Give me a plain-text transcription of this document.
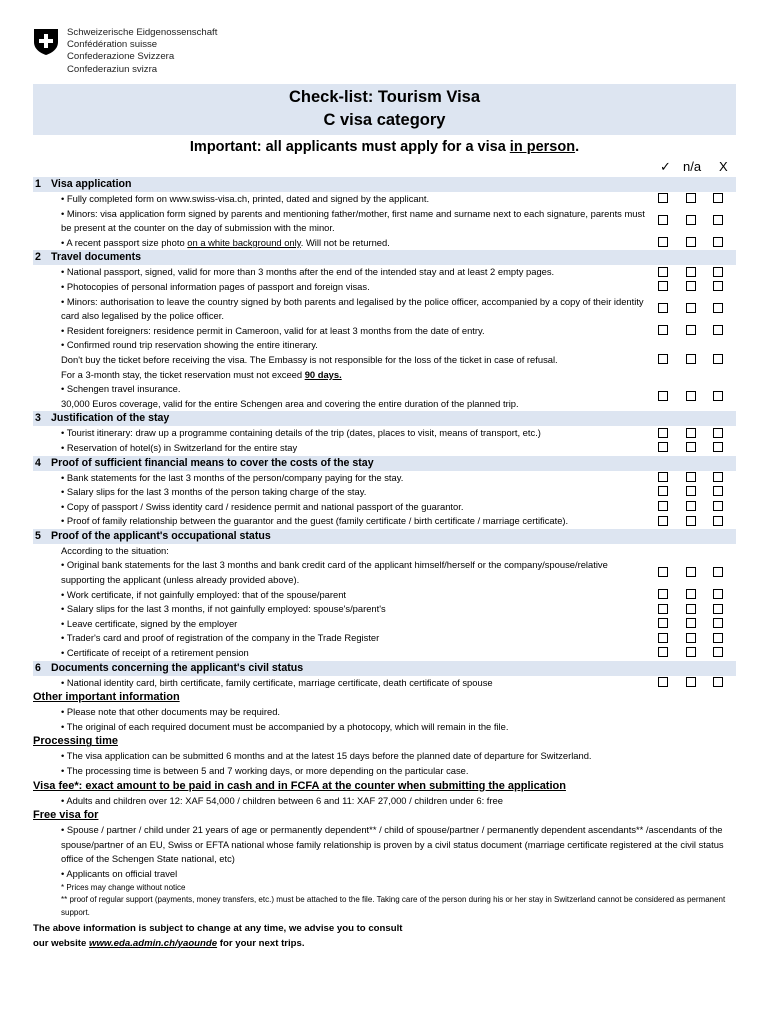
Schweizerische Eidgenossenschaft
Confédération suisse
Confederazione Svizzera
Confederaziun svizra
Check-list: Tourism Visa
C visa category
Important: all applicants must apply for a visa in person.
✓ n/a X
1 Visa application
• Fully completed form on www.swiss-visa.ch, printed, dated and signed by the applicant.
• Minors: visa application form signed by parents and mentioning father/mother, first name and surname next to each signature, parents must be present at the counter on the day of submission with the minor.
• A recent passport size photo on a white background only. Will not be returned.
2 Travel documents
• National passport, signed, valid for more than 3 months after the end of the intended stay and at least 2 empty pages.
• Photocopies of personal information pages of passport and foreign visas.
• Minors: authorisation to leave the country signed by both parents and legalised by the police officer, accompanied by a copy of their identity card also legalised by the police officer.
• Resident foreigners: residence permit in Cameroon, valid for at least 3 months from the date of entry.
• Confirmed round trip reservation showing the entire itinerary.
Don't buy the ticket before receiving the visa. The Embassy is not responsible for the loss of the ticket in case of refusal.
For a 3-month stay, the ticket reservation must not exceed 90 days.
• Schengen travel insurance.
30,000 Euros coverage, valid for the entire Schengen area and covering the entire duration of the planned trip.
3 Justification of the stay
• Tourist itinerary: draw up a programme containing details of the trip (dates, places to visit, means of transport, etc.)
• Reservation of hotel(s) in Switzerland for the entire stay
4 Proof of sufficient financial means to cover the costs of the stay
• Bank statements for the last 3 months of the person/company paying for the stay.
• Salary slips for the last 3 months of the person taking charge of the stay.
• Copy of passport / Swiss identity card / residence permit and national passport of the guarantor.
• Proof of family relationship between the guarantor and the guest (family certificate / birth certificate / marriage certificate).
5 Proof of the applicant's occupational status
According to the situation:
• Original bank statements for the last 3 months and bank credit card of the applicant himself/herself or the company/spouse/relative supporting the applicant (unless already provided above).
• Work certificate, if not gainfully employed: that of the spouse/parent
• Salary slips for the last 3 months, if not gainfully employed: spouse's/parent's
• Leave certificate, signed by the employer
• Trader's card and proof of registration of the company in the Trade Register
• Certificate of receipt of a retirement pension
6 Documents concerning the applicant's civil status
• National identity card, birth certificate, family certificate, marriage certificate, death certificate of spouse
Other important information
• Please note that other documents may be required.
• The original of each required document must be accompanied by a photocopy, which will remain in the file.
Processing time
• The visa application can be submitted 6 months and at the latest 15 days before the planned date of departure for Switzerland.
• The processing time is between 5 and 7 working days, or more depending on the particular case.
Visa fee*: exact amount to be paid in cash and in FCFA at the counter when submitting the application
• Adults and children over 12: XAF 54,000 / children between 6 and 11: XAF 27,000 / children under 6: free
Free visa for
• Spouse / partner / child under 21 years of age or permanently dependent** / child of spouse/partner / permanently dependent ascendants** /ascendants of the spouse/partner of an EU, Swiss or EFTA national whose family relationship is proven by a civil status document (marriage certificate registered at the civil status office of the Schengen State national, etc)
• Applicants on official travel
* Prices may change without notice
** proof of regular support (payments, money transfers, etc.) must be attached to the file. Taking care of the person during his or her stay in Switzerland cannot be considered as permanent support.
The above information is subject to change at any time, we advise you to consult
our website www.eda.admin.ch/yaounde for your next trips.
